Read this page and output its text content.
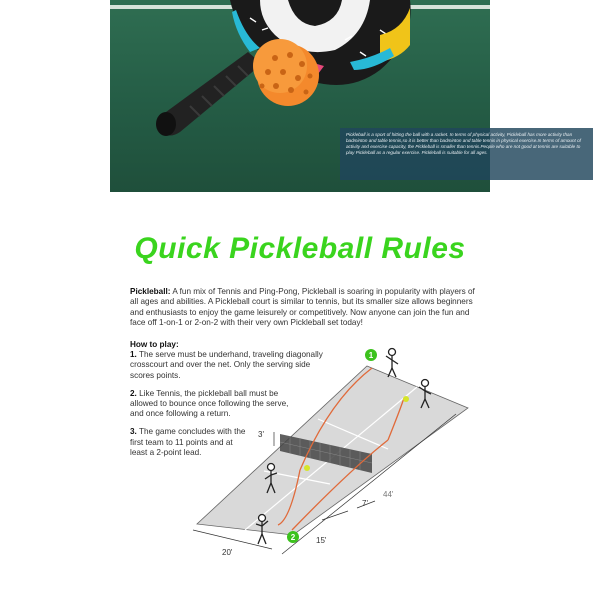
Pickleball is a sport of hitting the ball with a racket. In terms of physical activity, Pickleball has more activity than badminton and table tennis,so it is better than badminton and table tennis in physical exercise.In terms of amount of activity and exercise capacity, the Pickleball is smaller than tennis.People who are not good at tennis are suitable to play Pickleball as a regular exercise. Pickleball is suitable for all ages.
Quick Pickleball Rules
Pickleball: A fun mix of Tennis and Ping-Pong, Pickleball is soaring in popularity with players of all ages and abilities. A Pickleball court is similar to tennis, but its smaller size allows beginners and enthusiasts to enjoy the game leisurely or competitively. Now anyone can join the fun and face off 1-on-1 or 2-on-2 with their very own Pickleball set today!
How to play:
1. The serve must be underhand, traveling diagonally crosscourt and over the net. Only the serving side scores points.
2. Like Tennis, the pickleball ball must be allowed to bounce once following the serve, and once following a return.
3. The game concludes with the first team to 11 points and at least a 2-point lead.
1
2
3'
44'
7'
15'
20'
